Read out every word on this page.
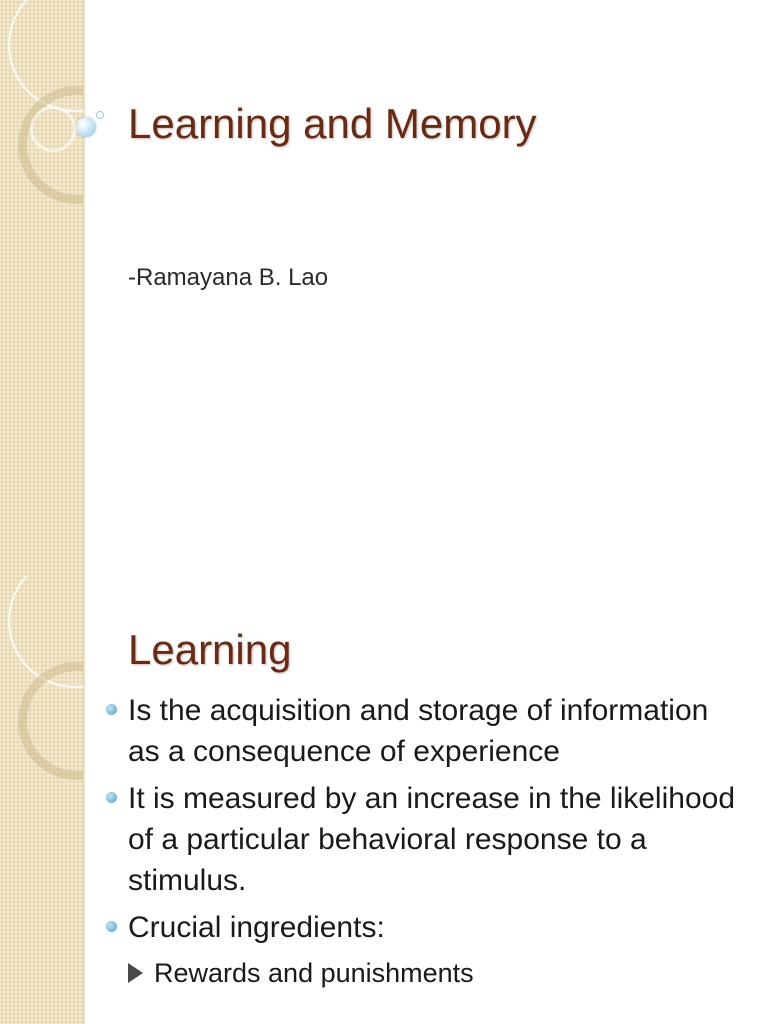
Learning and Memory
-Ramayana B. Lao
Learning
Is the acquisition and storage of information as a consequence of experience
It is measured by an increase in the likelihood of a particular behavioral response to a stimulus.
Crucial ingredients:
Rewards and punishments
